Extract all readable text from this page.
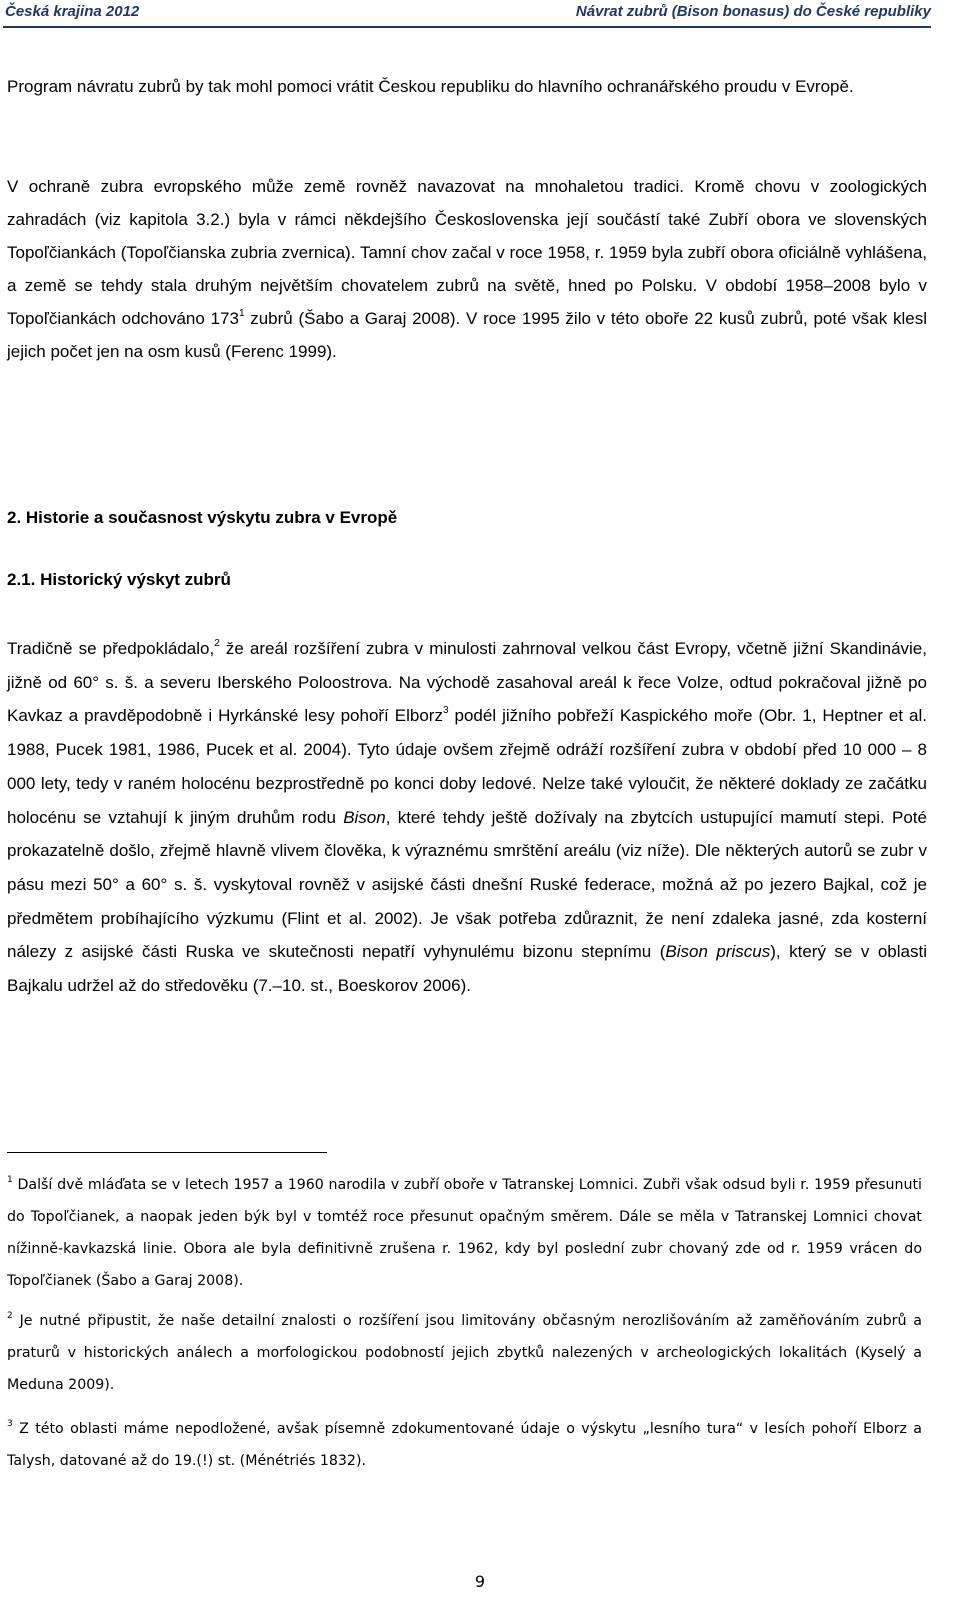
Česká krajina 2012	Návrat zubrů (Bison bonasus) do České republiky

Program návratu zubrů by tak mohl pomoci vrátit Českou republiku do hlavního ochranářského proudu v Evropě.

V ochraně zubra evropského může země rovněž navazovat na mnohaletou tradici. Kromě chovu v zoologických zahradách (viz kapitola 3.2.) byla v rámci někdejšího Československa její součástí také Zubří obora ve slovenských Topoľčiankách (Topoľčianska zubria zvernica). Tamní chov začal v roce 1958, r. 1959 byla zubří obora oficiálně vyhlášena, a země se tehdy stala druhým největším chovatelem zubrů na světě, hned po Polsku. V období 1958–2008 bylo v Topoľčiankách odchováno $173^1$ zubrů (Šabo a Garaj 2008). V roce 1995 žilo v této oboře 22 kusů zubrů, poté však klesl jejich počet jen na osm kusů (Ferenc 1999).

2. Historie a současnost výskytu zubra v Evropě
2.1. Historický výskyt zubrů

Tradičně se předpokládalo,$^2$ že areál rozšíření zubra v minulosti zahrnoval velkou část Evropy, včetně jižní Skandinávie, jižně od 60° s. š. a severu Iberského Poloostrova. Na východě zasahoval areál k řece Volze, odtud pokračoval jižně po Kavkaz a pravděpodobně i Hyrkánské lesy pohoří Elborz$^3$ podél jižního pobřeží Kaspického moře (Obr. 1, Heptner et al. 1988, Pucek 1981, 1986, Pucek et al. 2004). Tyto údaje ovšem zřejmě odráží rozšíření zubra v období před 10 000 – 8 000 lety, tedy v raném holocénu bezprostředně po konci doby ledové. Nelze také vyloučit, že některé doklady ze začátku holocénu se vztahují k jiným druhům rodu Bison, které tehdy ještě dožívaly na zbytcích ustupující mamutí stepi. Poté prokazatelně došlo, zřejmě hlavně vlivem člověka, k výraznému smrštění areálu (viz níže). Dle některých autorů se zubr v pásu mezi 50° a 60° s. š. vyskytoval rovněž v asijské části dnešní Ruské federace, možná až po jezero Bajkal, což je předmětem probíhajícího výzkumu (Flint et al. 2002). Je však potřeba zdůraznit, že není zdaleka jasné, zda kosterní nálezy z asijské části Ruska ve skutečnosti nepatří vyhynulému bizonu stepnímu (Bison priscus), který se v oblasti Bajkalu udržel až do středověku (7.–10. st., Boeskorov 2006).

$^1$ Další dvě mláďata se v letech 1957 a 1960 narodila v zubří oboře v Tatranskej Lomnici. Zubři však odsud byli r. 1959 přesunuti do Topoľčianek, a naopak jeden býk byl v tomtéž roce přesunut opačným směrem. Dále se měla v Tatranskej Lomnici chovat nížinně-kavkazská linie. Obora ale byla definitivně zrušena r. 1962, kdy byl poslední zubr chovaný zde od r. 1959 vrácen do Topoľčianek (Šabo a Garaj 2008).
$^2$ Je nutné připustit, že naše detailní znalosti o rozšíření jsou limitovány občasným nerozlišováním až zaměňováním zubrů a praturů v historických análech a morfologickou podobností jejich zbytků nalezených v archeologických lokalitách (Kyselý a Meduna 2009).
$^3$ Z této oblasti máme nepodložené, avšak písemně zdokumentované údaje o výskytu „lesního tura“ v lesích pohoří Elborz a Talysh, datované až do 19.(!) st. (Ménétriés 1832).
9
